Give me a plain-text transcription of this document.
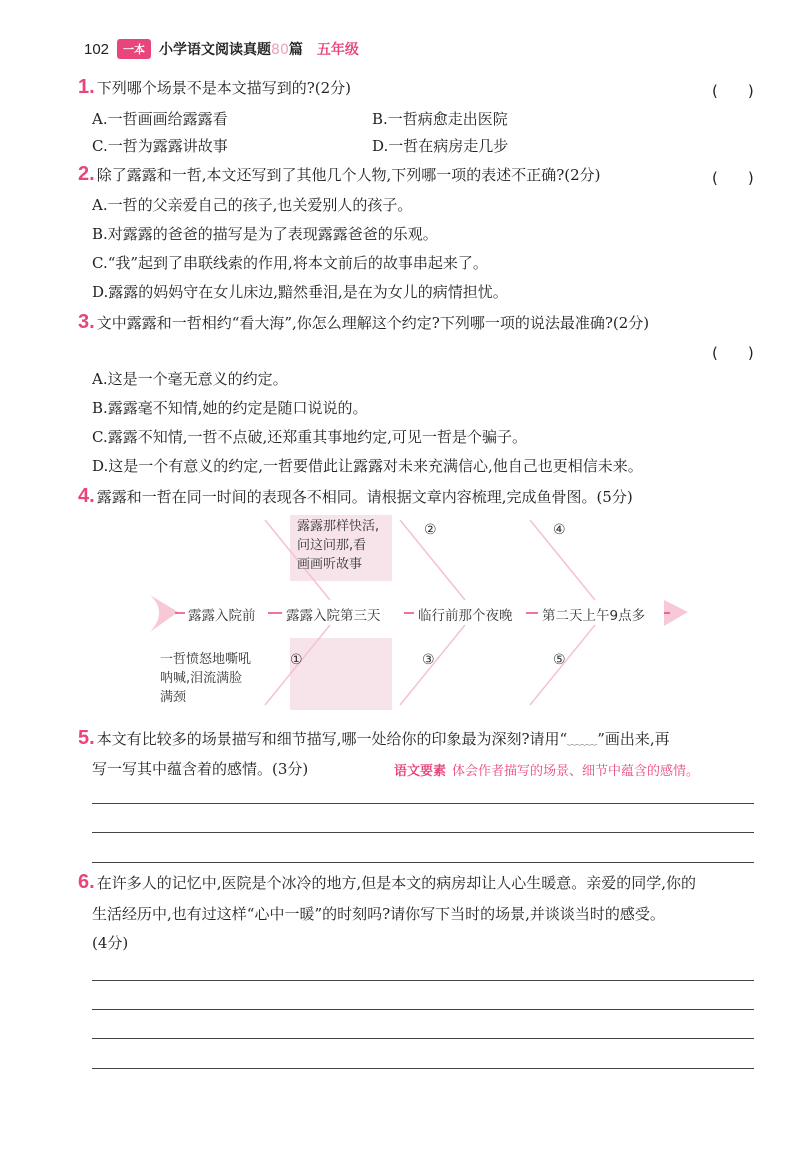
102	一本	小学语文阅读真题80篇 五年级
1. 下列哪个场景不是本文描写到的?(2分)	(　　)
A.一哲画画给露露看	B.一哲病愈走出医院
C.一哲为露露讲故事	D.一哲在病房走几步
2. 除了露露和一哲,本文还写到了其他几个人物,下列哪一项的表述不正确?(2分)	(　　)
A.一哲的父亲爱自己的孩子,也关爱别人的孩子。
B.对露露的爸爸的描写是为了表现露露爸爸的乐观。
C.“我”起到了串联线索的作用,将本文前后的故事串起来了。
D.露露的妈妈守在女儿床边,黯然垂泪,是在为女儿的病情担忧。
3. 文中露露和一哲相约“看大海”,你怎么理解这个约定?下列哪一项的说法最准确?(2分)
(　　)
A.这是一个毫无意义的约定。
B.露露毫不知情,她的约定是随口说说的。
C.露露不知情,一哲不点破,还郑重其事地约定,可见一哲是个骗子。
D.这是一个有意义的约定,一哲要借此让露露对未来充满信心,他自己也更相信未来。
4. 露露和一哲在同一时间的表现各不相同。请根据文章内容梳理,完成鱼骨图。(5分)
露露那样快活,
问这问那,看
画画听故事
一哲愤怒地嘶吼
呐喊,泪流满脸
满颈
②	④
①	③	⑤
露露入院前 露露入院第三天	临行前那个夜晚 第二天上午9点多
5. 本文有比较多的场景描写和细节描写,哪一处给你的印象最为深刻?请用“﹏﹏”画出来,再
写一写其中蕴含着的感情。(3分)	语文要素 体会作者描写的场景、细节中蕴含的感情。
6. 在许多人的记忆中,医院是个冰冷的地方,但是本文的病房却让人心生暖意。亲爱的同学,你的
生活经历中,也有过这样“心中一暖”的时刻吗?请你写下当时的场景,并谈谈当时的感受。
(4分)
